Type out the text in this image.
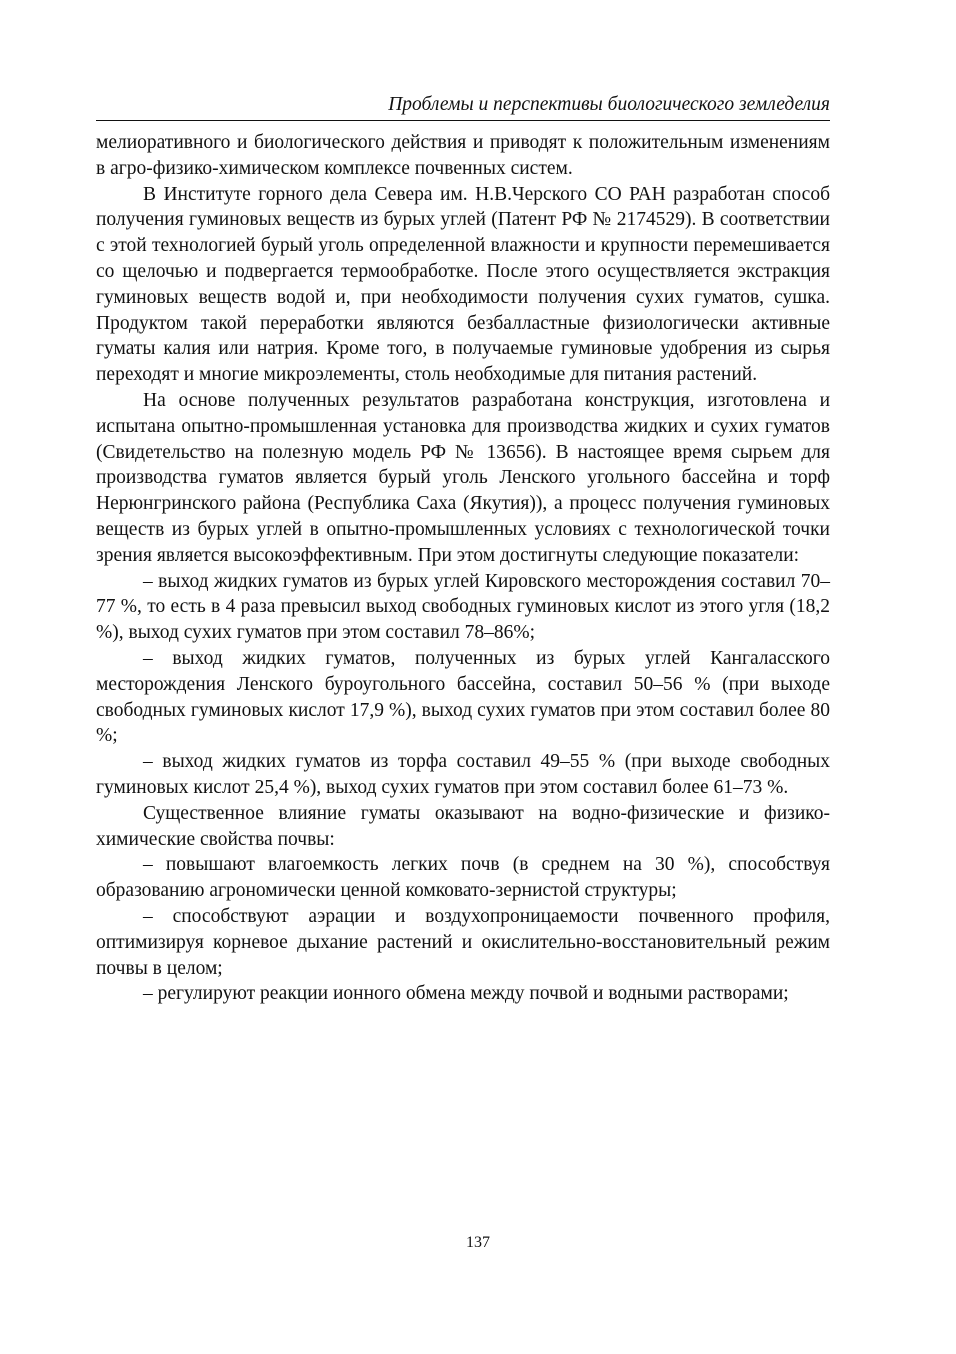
Проблемы и перспективы биологического земледелия

мелиоративного и биологического действия и приводят к положительным изменениям в агро-физико-химическом комплексе почвенных систем.

В Институте горного дела Севера им. Н.В.Черского СО РАН разработан способ получения гуминовых веществ из бурых углей (Патент РФ № 2174529). В соответствии с этой технологией бурый уголь определенной влажности и крупности перемешивается со щелочью и подвергается термообработке. После этого осуществляется экстракция гуминовых веществ водой и, при необходимости получения сухих гуматов, сушка. Продуктом такой переработки являются безбалластные физиологически активные гуматы калия или натрия. Кроме того, в получаемые гуминовые удобрения из сырья переходят и многие микроэлементы, столь необходимые для питания растений.

На основе полученных результатов разработана конструкция, изготовлена и испытана опытно-промышленная установка для производства жидких и сухих гуматов (Свидетельство на полезную модель РФ № 13656). В настоящее время сырьем для производства гуматов является бурый уголь Ленского угольного бассейна и торф Нерюнгринского района (Республика Саха (Якутия)), а процесс получения гуминовых веществ из бурых углей в опытно-промышленных условиях с технологической точки зрения является высокоэффективным. При этом достигнуты следующие показатели:

– выход жидких гуматов из бурых углей Кировского месторождения составил 70–77 %, то есть в 4 раза превысил выход свободных гуминовых кислот из этого угля (18,2 %), выход сухих гуматов при этом составил 78–86%;

– выход жидких гуматов, полученных из бурых углей Кангаласского месторождения Ленского буроугольного бассейна, составил 50–56 % (при выходе свободных гуминовых кислот 17,9 %), выход сухих гуматов при этом составил более 80 %;

– выход жидких гуматов из торфа составил 49–55 % (при выходе свободных гуминовых кислот 25,4 %), выход сухих гуматов при этом составил более 61–73 %.

Существенное влияние гуматы оказывают на водно-физические и физико-химические свойства почвы:

– повышают влагоемкость легких почв (в среднем на 30 %), способствуя образованию агрономически ценной комковато-зернистой структуры;

– способствуют аэрации и воздухопроницаемости почвенного профиля, оптимизируя корневое дыхание растений и окислительно-восстановительный режим почвы в целом;

– регулируют реакции ионного обмена между почвой и водными растворами;

137
